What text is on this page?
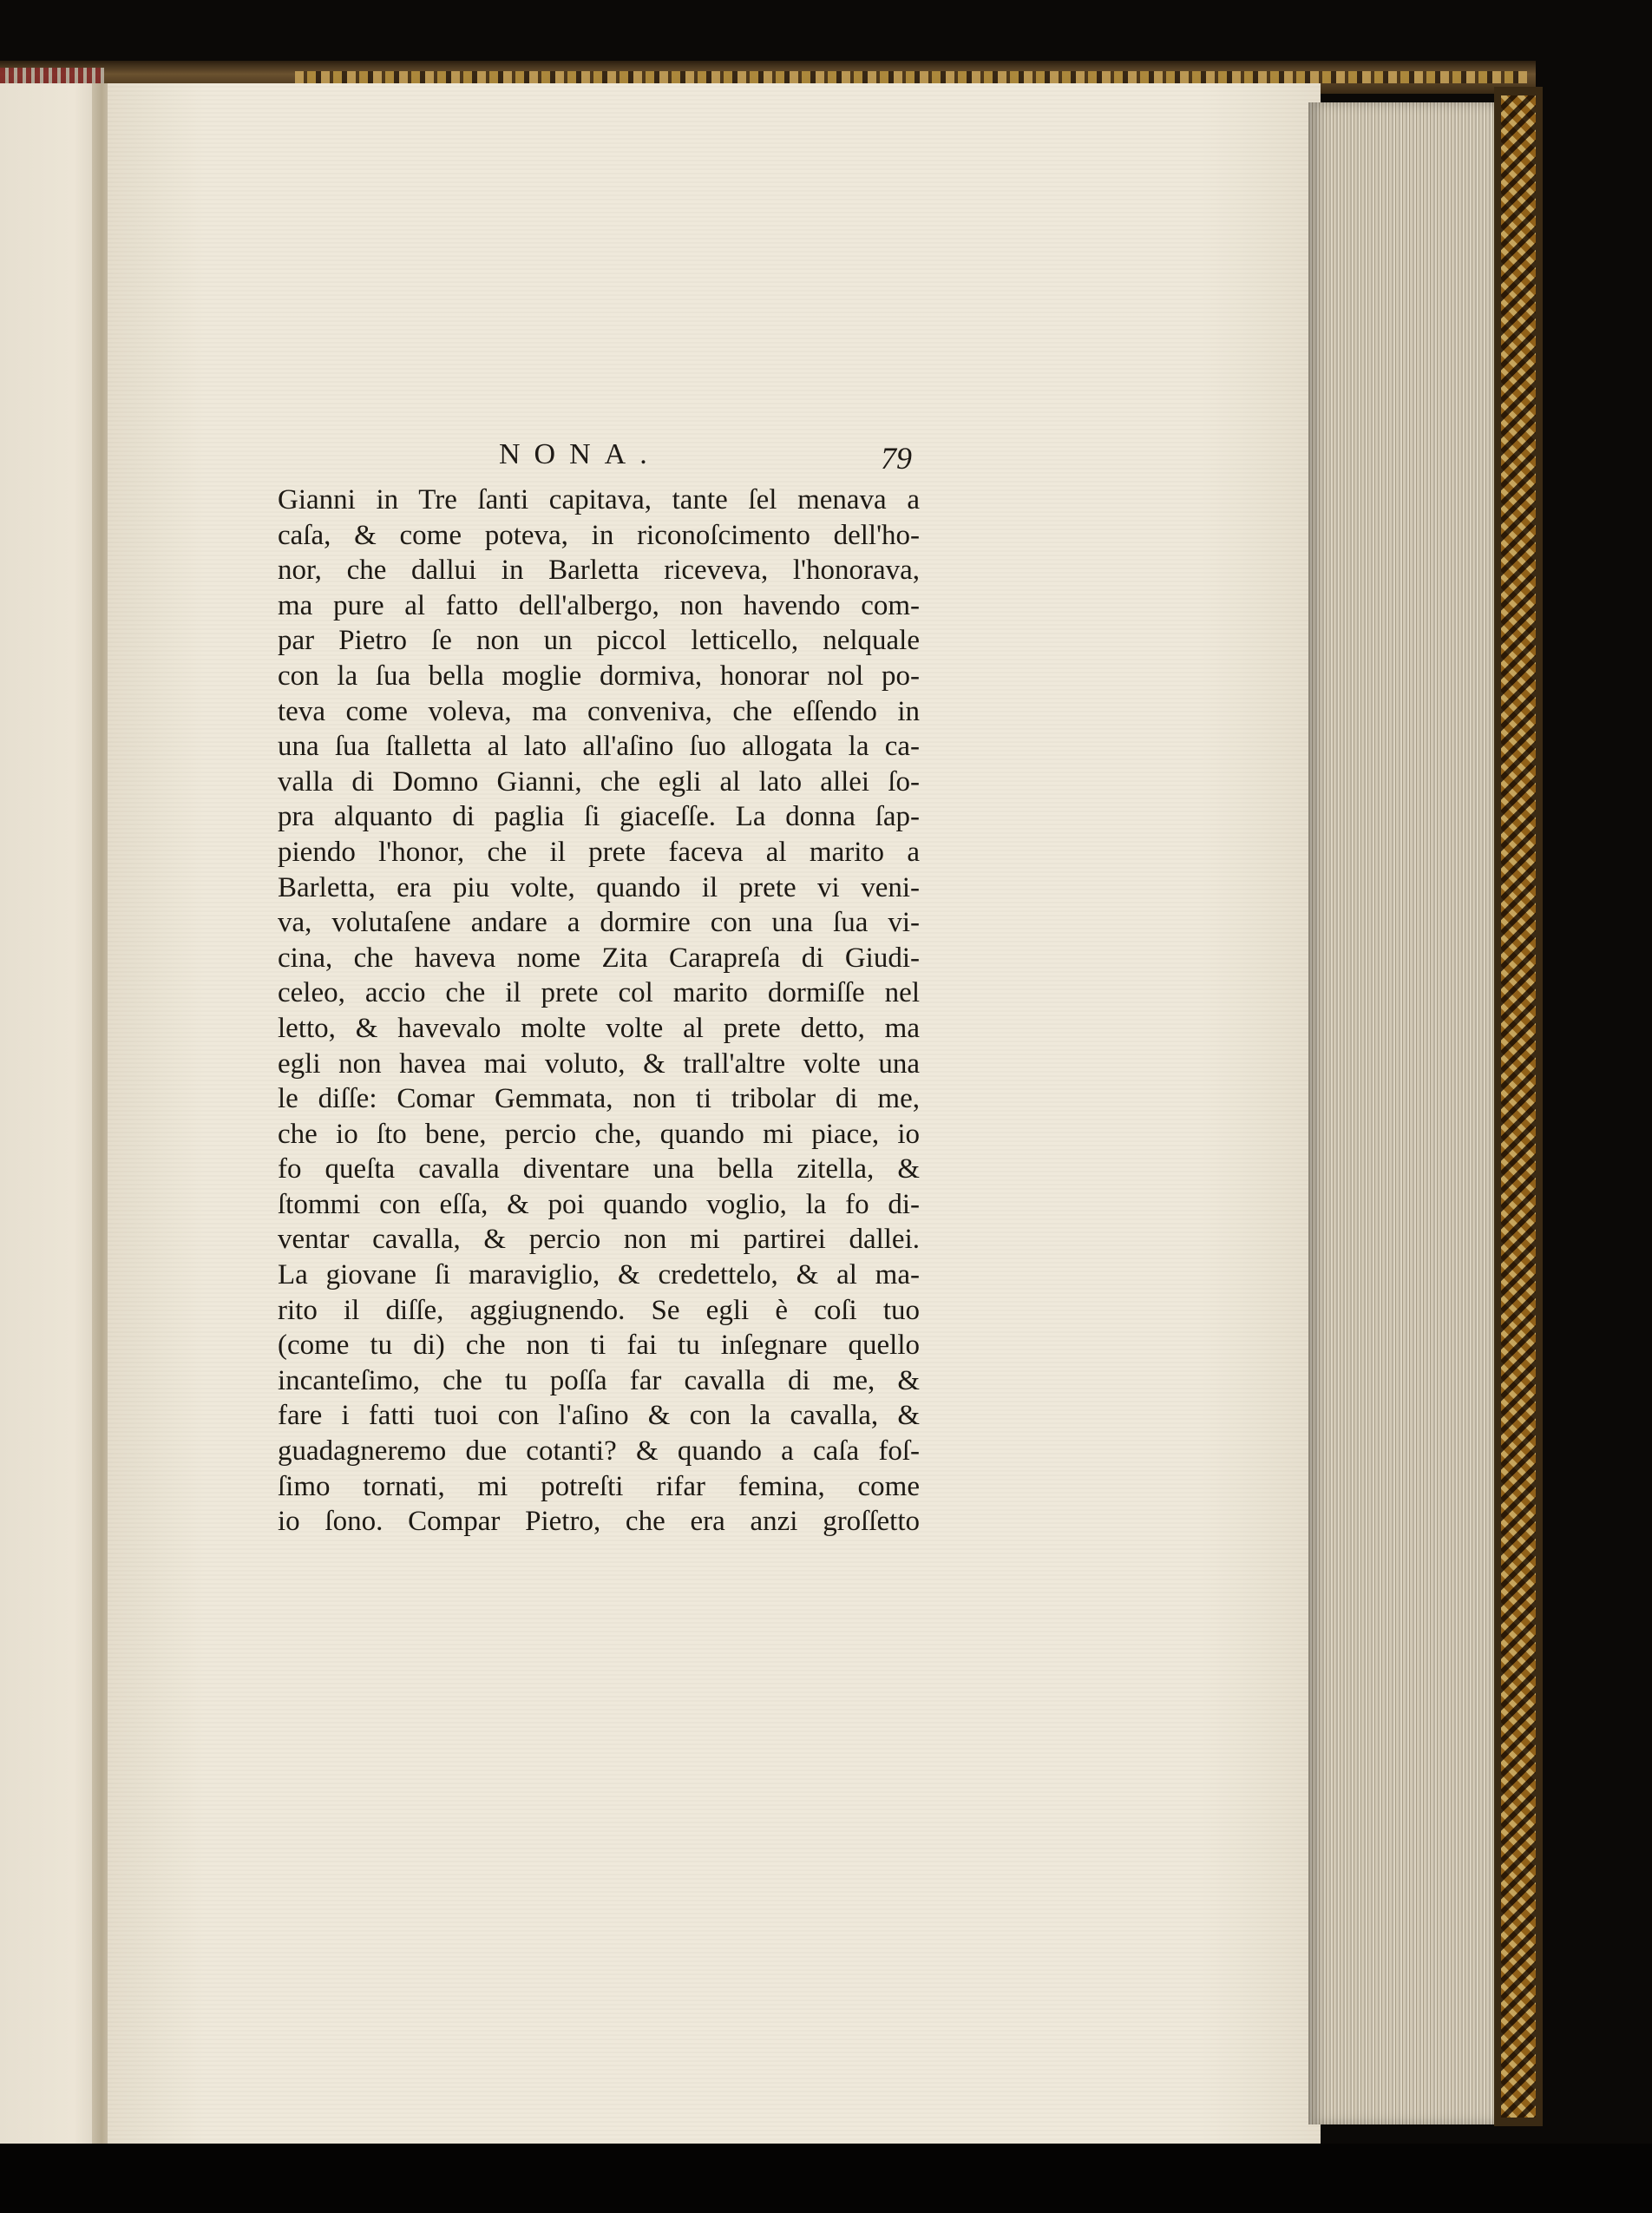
NONA.	79
Gianni in Tre ſanti capitava, tante ſel menava a
caſa, & come poteva, in riconoſcimento dell'ho-
nor, che dallui in Barletta riceveva, l'honorava,
ma pure al fatto dell'albergo, non havendo com-
par Pietro ſe non un piccol letticello, nelquale
con la ſua bella moglie dormiva, honorar nol po-
teva come voleva, ma conveniva, che eſſendo in
una ſua ſtalletta al lato all'aſino ſuo allogata la ca-
valla di Domno Gianni, che egli al lato allei ſo-
pra alquanto di paglia ſi giaceſſe. La donna ſap-
piendo l'honor, che il prete faceva al marito a
Barletta, era piu volte, quando il prete vi veni-
va, volutaſene andare a dormire con una ſua vi-
cina, che haveva nome Zita Carapreſa di Giudi-
celeo, accio che il prete col marito dormiſſe nel
letto, & havevalo molte volte al prete detto, ma
egli non havea mai voluto, & trall'altre volte una
le diſſe: Comar Gemmata, non ti tribolar di me,
che io ſto bene, percio che, quando mi piace, io
fo queſta cavalla diventare una bella zitella, &
ſtommi con eſſa, & poi quando voglio, la fo di-
ventar cavalla, & percio non mi partirei dallei.
La giovane ſi maraviglio, & credettelo, & al ma-
rito il diſſe, aggiugnendo. Se egli è coſi tuo
(come tu di) che non ti fai tu inſegnare quello
incanteſimo, che tu poſſa far cavalla di me, &
fare i fatti tuoi con l'aſino & con la cavalla, &
guadagneremo due cotanti? & quando a caſa foſ-
ſimo tornati, mi potreſti rifar femina, come
io ſono. Compar Pietro, che era anzi groſſetto
